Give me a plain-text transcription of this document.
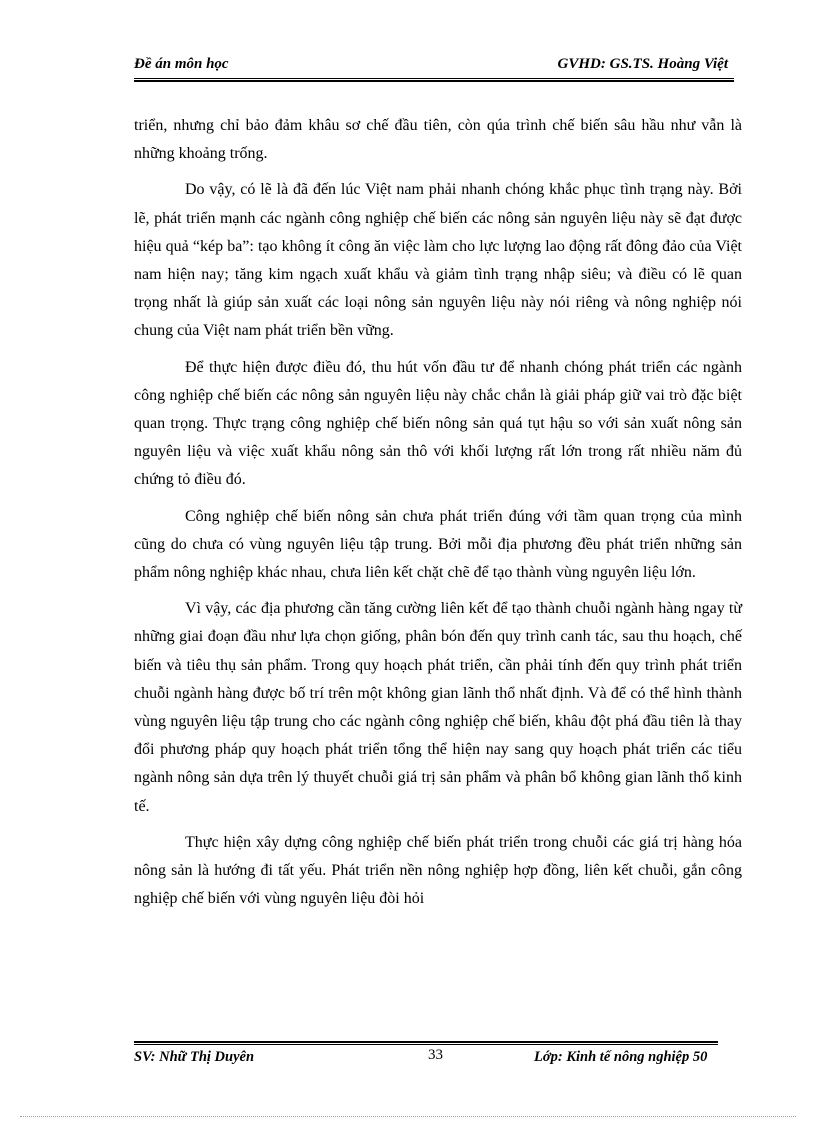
Đề án môn học	GVHD: GS.TS. Hoàng Việt

triển, nhưng chỉ bảo đảm khâu sơ chế đầu tiên, còn qúa trình chế biến sâu hầu như vẫn là những khoảng trống.

Do vậy, có lẽ là đã đến lúc Việt nam phải nhanh chóng khắc phục tình trạng này. Bởi lẽ, phát triển mạnh các ngành công nghiệp chế biến các nông sản nguyên liệu này sẽ đạt được hiệu quả “kép ba”: tạo không ít công ăn việc làm cho lực lượng lao động rất đông đảo của Việt nam hiện nay; tăng kim ngạch xuất khẩu và giảm tình trạng nhập siêu; và điều có lẽ quan trọng nhất là giúp sản xuất các loại nông sản nguyên liệu này nói riêng và nông nghiệp nói chung của Việt nam phát triển bền vững.

Để thực hiện được điều đó, thu hút vốn đầu tư để nhanh chóng phát triển các ngành công nghiệp chế biến các nông sản nguyên liệu này chắc chắn là giải pháp giữ vai trò đặc biệt quan trọng. Thực trạng công nghiệp chế biến nông sản quá tụt hậu so với sản xuất nông sản nguyên liệu và việc xuất khẩu nông sản thô với khối lượng rất lớn trong rất nhiều năm đủ chứng tỏ điều đó.

Công nghiệp chế biến nông sản chưa phát triển đúng với tầm quan trọng của mình cũng do chưa có vùng nguyên liệu tập trung. Bởi mỗi địa phương đều phát triển những sản phẩm nông nghiệp khác nhau, chưa liên kết chặt chẽ để tạo thành vùng nguyên liệu lớn.

Vì vậy, các địa phương cần tăng cường liên kết để tạo thành chuỗi ngành hàng ngay từ những giai đoạn đầu như lựa chọn giống, phân bón đến quy trình canh tác, sau thu hoạch, chế biến và tiêu thụ sản phẩm. Trong quy hoạch phát triển, cần phải tính đến quy trình phát triển chuỗi ngành hàng được bố trí trên một không gian lãnh thổ nhất định. Và để có thể hình thành vùng nguyên liệu tập trung cho các ngành công nghiệp chế biến, khâu đột phá đầu tiên là thay đổi phương pháp quy hoạch phát triển tổng thể hiện nay sang quy hoạch phát triển các tiểu ngành nông sản dựa trên lý thuyết chuỗi giá trị sản phẩm và phân bổ không gian lãnh thổ kinh tế.

Thực hiện xây dựng công nghiệp chế biến phát triển trong chuỗi các giá trị hàng hóa nông sản là hướng đi tất yếu. Phát triển nền nông nghiệp hợp đồng, liên kết chuỗi, gắn công nghiệp chế biến với vùng nguyên liệu đòi hỏi

SV: Nhữ Thị Duyên	33	Lớp: Kinh tế nông nghiệp 50
